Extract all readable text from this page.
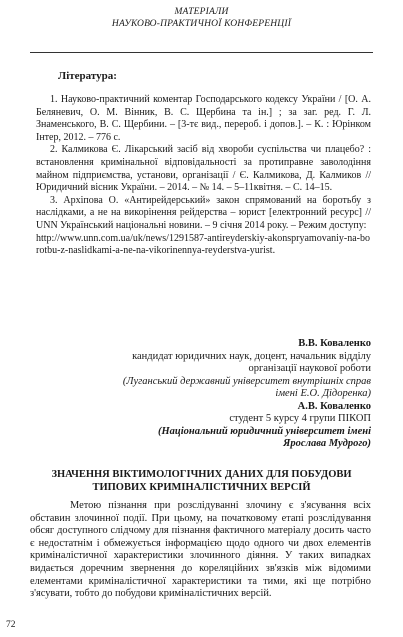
МАТЕРІАЛИ
НАУКОВО-ПРАКТИЧНОЇ КОНФЕРЕНЦІЇ
Література:

1. Науково-практичний коментар Господарського кодексу України / [О. А. Беляневич, О. М. Вінник, В. С. Щербина та ін.] ; за заг. ред. Г. Л. Знаменського, В. С. Щербини. – [3-тє вид., перероб. і допов.]. – К. : Юрінком Інтер, 2012. – 776 с.

2. Калмикова Є. Лікарський засіб від хвороби суспільства чи плацебо? : встановлення кримінальної відповідальності за протиправне заволодіння майном підприємства, установи, організації / Є. Калмикова, Д. Калмиков // Юридичний вісник України. – 2014. – № 14. – 5–11квітня. – С. 14–15.

3. Архіпова О. «Антирейдерський» закон спрямований на боротьбу з наслідками, а не на викорінення рейдерства – юрист [електронний ресурс] // UNN Український національні новини. – 9 січня 2014 року. – Режим доступу:

http://www.unn.com.ua/uk/news/1291587-antireyderskiy-akonspryamovaniy-na-borotbu-z-naslidkami-a-ne-na-vikorinennya-reyderstva-yurist.

В.В. Коваленко
кандидат юридичних наук, доцент, начальник відділу організації наукової роботи
(Луганський державний університет внутрішніх справ імені Е.О. Дідоренка)
А.В. Коваленко
студент 5 курсу 4 групи ПІКОП
(Національний юридичний університет імені Ярослава Мудрого)
ЗНАЧЕННЯ ВІКТИМОЛОГІЧНИХ ДАНИХ ДЛЯ ПОБУДОВИ ТИПОВИХ КРИМІНАЛІСТИЧНИХ ВЕРСІЙ
Метою пізнання при розслідуванні злочину є з'ясування всіх обставин злочинної події. При цьому, на початковому етапі розслідування обсяг доступного слідчому для пізнання фактичного матеріалу досить часто є недостатнім і обмежується інформацією щодо одного чи двох елементів криміналістичної характеристики злочинного діяння. У таких випадках видається доречним звернення до кореляційних зв'язків між відомими елементами криміналістичної характеристики та тими, які ще потрібно з'ясувати, тобто до побудови криміналістичних версій.
72
